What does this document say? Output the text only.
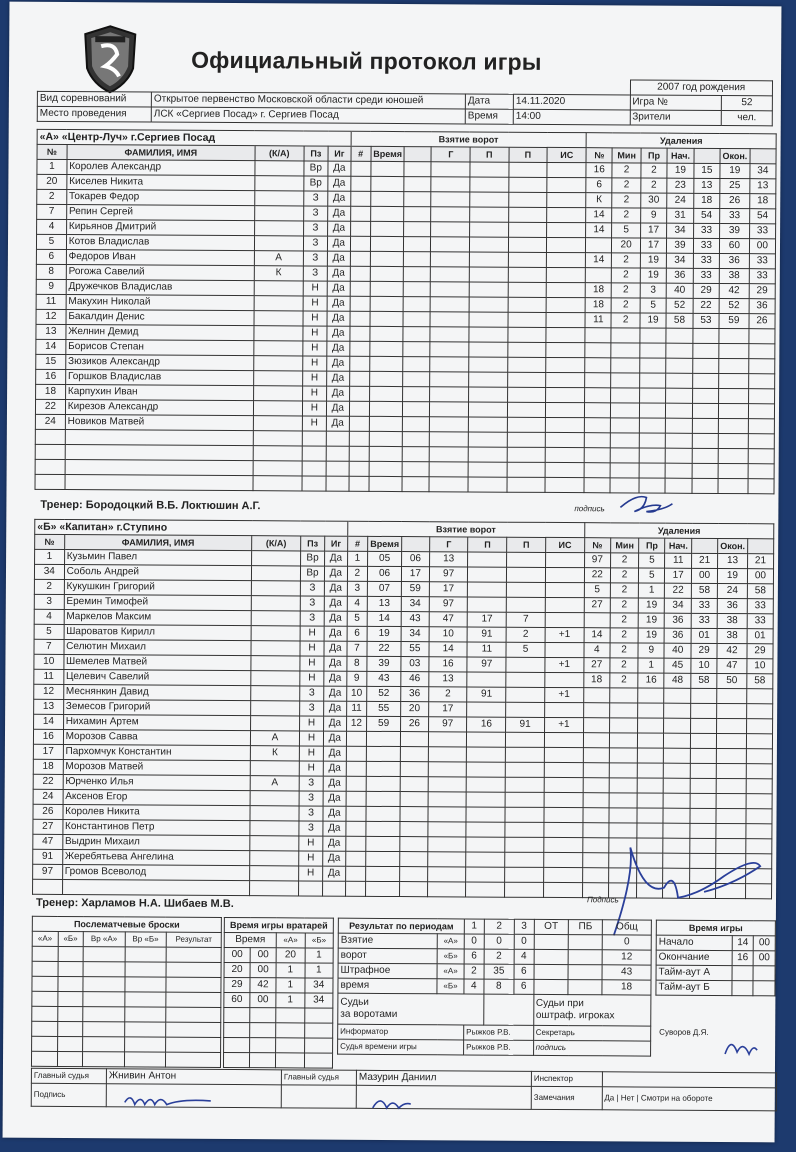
Официальный протокол игры
				2007 год рождения	
Вид соревнований	Открытое первенство Московской области среди юношей	Дата	14.11.2020	Игра №	52
Место проведения	ЛСК «Сергиев Посад» г. Сергиев Посад	Время	14:00	Зрители	чел.
«А» «Центр-Луч» г.Сергиев Посад					Взятие ворот							Удаления						
№	ФАМИЛИЯ, ИМЯ	(К/А)	Пз	Иг	#	Время		Г	П	П	ИС	№	Мин	Пр	Нач.		Окон.	
1	Королев Александр		Вр	Да								16	2	2	19	15	19	34
20	Киселев Никита		Вр	Да								6	2	2	23	13	25	13
2	Токарев Федор		З	Да								К	2	30	24	18	26	18
7	Репин Сергей		З	Да								14	2	9	31	54	33	54
4	Кирьянов Дмитрий		З	Да								14	5	17	34	33	39	33
5	Котов Владислав		З	Да									20	17	39	33	60	00
6	Федоров Иван	А	З	Да								14	2	19	34	33	36	33
8	Рогожа Савелий	К	З	Да									2	19	36	33	38	33
9	Дружечков Владислав		Н	Да								18	2	3	40	29	42	29
11	Макухин Николай		Н	Да								18	2	5	52	22	52	36
12	Бакалдин Денис		Н	Да								11	2	19	58	53	59	26
13	Желнин Демид		Н	Да														
14	Борисов Степан		Н	Да														
15	Зюзиков Александр		Н	Да														
16	Горшков Владислав		Н	Да														
18	Карпухин Иван		Н	Да														
22	Кирезов Александр		Н	Да														
24	Новиков Матвей		Н	Да														

Тренер: Бородоцкий В.Б. Локтюшин А.Г.	подпись
«Б» «Капитан» г.Ступино					Взятие ворот							Удаления						
№	ФАМИЛИЯ, ИМЯ	(К/А)	Пз	Иг	#	Время		Г	П	П	ИС	№	Мин	Пр	Нач.		Окон.	
1	Кузьмин Павел		Вр	Да	1	05	06	13				97	2	5	11	21	13	21
34	Соболь Андрей		Вр	Да	2	06	17	97				22	2	5	17	00	19	00
2	Кукушкин Григорий		З	Да	3	07	59	17				5	2	1	22	58	24	58
3	Еремин Тимофей		З	Да	4	13	34	97				27	2	19	34	33	36	33
4	Маркелов Максим		З	Да	5	14	43	47	17	7			2	19	36	33	38	33
5	Шароватов Кирилл		Н	Да	6	19	34	10	91	2	+1	14	2	19	36	01	38	01
7	Селютин Михаил		Н	Да	7	22	55	14	11	5		4	2	9	40	29	42	29
10	Шемелев Матвей		Н	Да	8	39	03	16	97		+1	27	2	1	45	10	47	10
11	Целевич Савелий		Н	Да	9	43	46	13				18	2	16	48	58	50	58
12	Меснянкин Давид		З	Да	10	52	36	2	91		+1							
13	Земесов Григорий		З	Да	11	55	20	17										
14	Нихамин Артем		Н	Да	12	59	26	97	16	91	+1							
16	Морозов Савва	А	Н	Да														
17	Пархомчук Константин	К	Н	Да														
18	Морозов Матвей		Н	Да														
22	Юрченко Илья	А	З	Да														
24	Аксенов Егор		З	Да														
26	Королев Никита		З	Да														
27	Константинов Петр		З	Да														
47	Выдрин Михаил		Н	Да														
91	Жеребятьева Ангелина		Н	Да														
97	Громов Всеволод		Н	Да														

Тренер: Харламов Н.А. Шибаев М.В.	Подпись
Послематчевые броски				
«А»	«Б»	Вр «А»	Вр «Б»	Результат

Время игры вратарей			
Время		«А»	«Б»
00	00	20	1
20	00	1	1
29	42	1	34
60	00	1	34

Результат по периодам		1	2	3	ОТ	ПБ	Общ
Взятие	«А»	0	0	0			0
ворот	«Б»	6	2	4			12
Штрафное	«А»	2	35	6			43
время	«Б»	4	8	6			18
Судьи
за воротами					Судьи при
оштраф. игроках		
Информатор		Рыжков Р.В.			Секретарь		
Судья времени игры		Рыжков Р.В.			подпись		
Время игры		
Начало	14	00
Окончание	16	00
Тайм-аут А		
Тайм-аут Б		
Суворов Д.Я.
Главный судья	Жнивин Антон	Главный судья	Мазурин Даниил	Инспектор	
Подпись				Замечания	Да | Нет | Смотри на обороте
